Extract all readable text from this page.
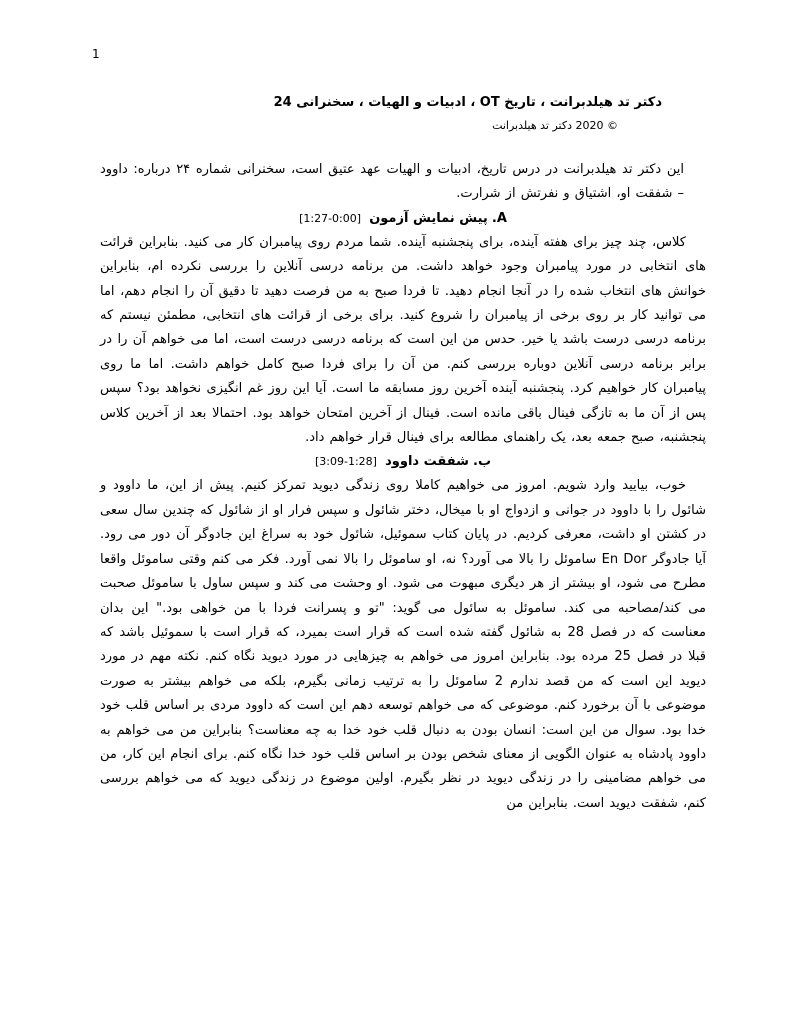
1

دکتر تد هیلدبرانت ، تاریخ OT ، ادبیات و الهیات ، سخنرانی 24

© 2020 دکتر تد هیلدبرانت

این دکتر تد هیلدبرانت در درس تاریخ، ادبیات و الهیات عهد عتیق است، سخنرانی شماره ۲۴ درباره: داوود – شفقت او، اشتیاق و نفرتش از شرارت.

A. پیش نمایش آزمون [0:00-1:27]

کلاس، چند چیز برای هفته آینده، برای پنجشنبه آینده. شما مردم روی پیامبران کار می کنید. بنابراین قرائت های انتخابی در مورد پیامبران وجود خواهد داشت. من برنامه درسی آنلاین را بررسی نکرده ام، بنابراین خوانش های انتخاب شده را در آنجا انجام دهید. تا فردا صبح به من فرصت دهید تا دقیق آن را انجام دهم، اما می توانید کار بر روی برخی از پیامبران را شروع کنید. برای برخی از قرائت های انتخابی، مطمئن نیستم که برنامه درسی درست باشد یا خیر. حدس من این است که برنامه درسی درست است، اما می خواهم آن را در برابر برنامه درسی آنلاین دوباره بررسی کنم. من آن را برای فردا صبح کامل خواهم داشت. اما ما روی پیامبران کار خواهیم کرد. پنجشنبه آینده آخرین روز مسابقه ما است. آیا این روز غم انگیزی نخواهد بود؟ سپس پس از آن ما به تازگی فینال باقی مانده است. فینال از آخرین امتحان خواهد بود. احتمالا بعد از آخرین کلاس پنجشنبه، صبح جمعه بعد، یک راهنمای مطالعه برای فینال قرار خواهم داد.

ب. شفقت داوود [1:28-3:09]

خوب، بیایید وارد شویم. امروز می خواهیم کاملا روی زندگی دیوید تمرکز کنیم. پیش از این، ما داوود و شائول را با داوود در جوانی و ازدواج او با میخال، دختر شائول و سپس فرار او از شائول که چندین سال سعی در کشتن او داشت، معرفی کردیم. در پایان کتاب سموئیل، شائول خود به سراغ این جادوگر آن دور می رود. آیا جادوگر En Dor ساموئل را بالا می آورد؟ نه، او ساموئل را بالا نمی آورد. فکر می کنم وقتی ساموئل واقعا مطرح می شود، او بیشتر از هر دیگری مبهوت می شود. او وحشت می کند و سپس ساول با ساموئل صحبت می کند/مصاحبه می کند. ساموئل به سائول می گوید: "تو و پسرانت فردا با من خواهی بود." این بدان معناست که در فصل 28 به شائول گفته شده است که قرار است بمیرد، که قرار است با سموئیل باشد که قبلا در فصل 25 مرده بود. بنابراین امروز می خواهم به چیزهایی در مورد دیوید نگاه کنم. نکته مهم در مورد دیوید این است که من قصد ندارم 2 ساموئل را به ترتیب زمانی بگیرم، بلکه می خواهم بیشتر به صورت موضوعی با آن برخورد کنم. موضوعی که می خواهم توسعه دهم این است که داوود مردی بر اساس قلب خود خدا بود. سوال من این است: انسان بودن به دنبال قلب خود خدا به چه معناست؟ بنابراین من می خواهم به داوود پادشاه به عنوان الگویی از معنای شخص بودن بر اساس قلب خود خدا نگاه کنم. برای انجام این کار، من می خواهم مضامینی را در زندگی دیوید در نظر بگیرم. اولین موضوع در زندگی دیوید که می خواهم بررسی کنم، شفقت دیوید است. بنابراین من
